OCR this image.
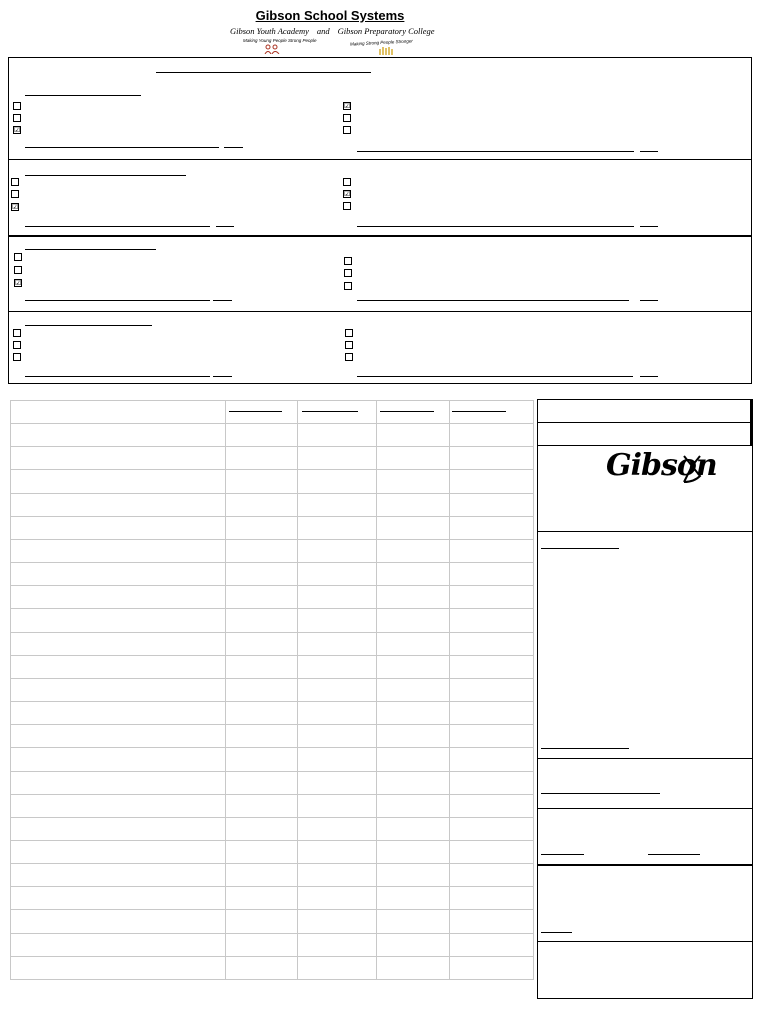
Gibson School Systems
Gibson Youth Academy and Gibson Preparatory College
Making Young People Strong People	Making Strong People Stronger
☑
☑
☑
☑
☑

Gibson
